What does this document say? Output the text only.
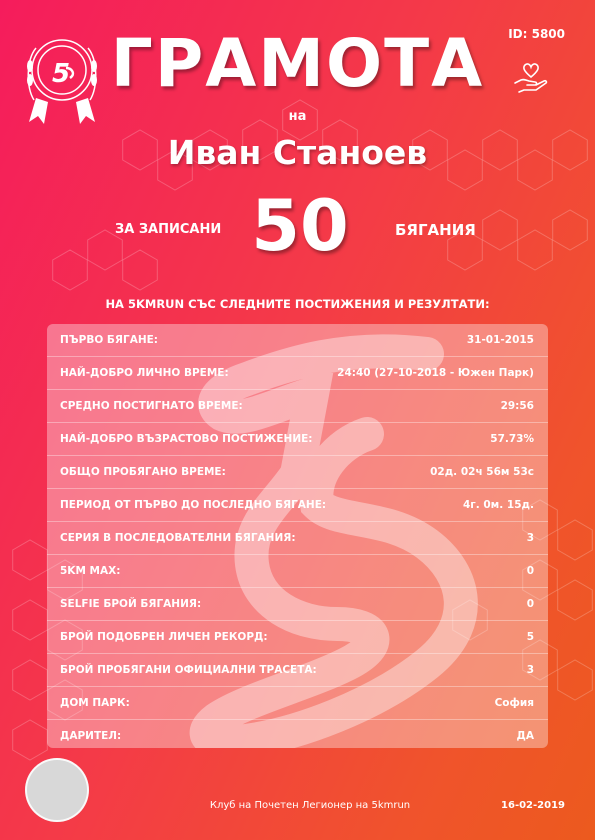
5 ГРАМОТА	ID: 5800
на
Иван Станоев
ЗА ЗАПИСАНИ 50	БЯГАНИЯ
НА 5KMRUN СЪС СЛЕДНИТЕ ПОСТИЖЕНИЯ И РЕЗУЛТАТИ:
ПЪРВО БЯГАНЕ:	31-01-2015
НАЙ-ДОБРО ЛИЧНО ВРЕМЕ:	24:40 (27-10-2018 - Южен Парк)
СРЕДНО ПОСТИГНАТО ВРЕМЕ:	29:56
НАЙ-ДОБРО ВЪЗРАСТОВО ПОСТИЖЕНИЕ:	57.73%
ОБЩО ПРОБЯГАНО ВРЕМЕ:	02д. 02ч 56м 53с
ПЕРИОД ОТ ПЪРВО ДО ПОСЛЕДНО БЯГАНЕ:	4г. 0м. 15д.
СЕРИЯ В ПОСЛЕДОВАТЕЛНИ БЯГАНИЯ:	3
5KM MAX:	0
SELFIE БРОЙ БЯГАНИЯ:	0
БРОЙ ПОДОБРЕН ЛИЧЕН РЕКОРД:	5
БРОЙ ПРОБЯГАНИ ОФИЦИАЛНИ ТРАСЕТА:	3
ДОМ ПАРК:	София
ДАРИТЕЛ:	ДА
Клуб на Почетен Легионер на 5kmrun	16-02-2019
